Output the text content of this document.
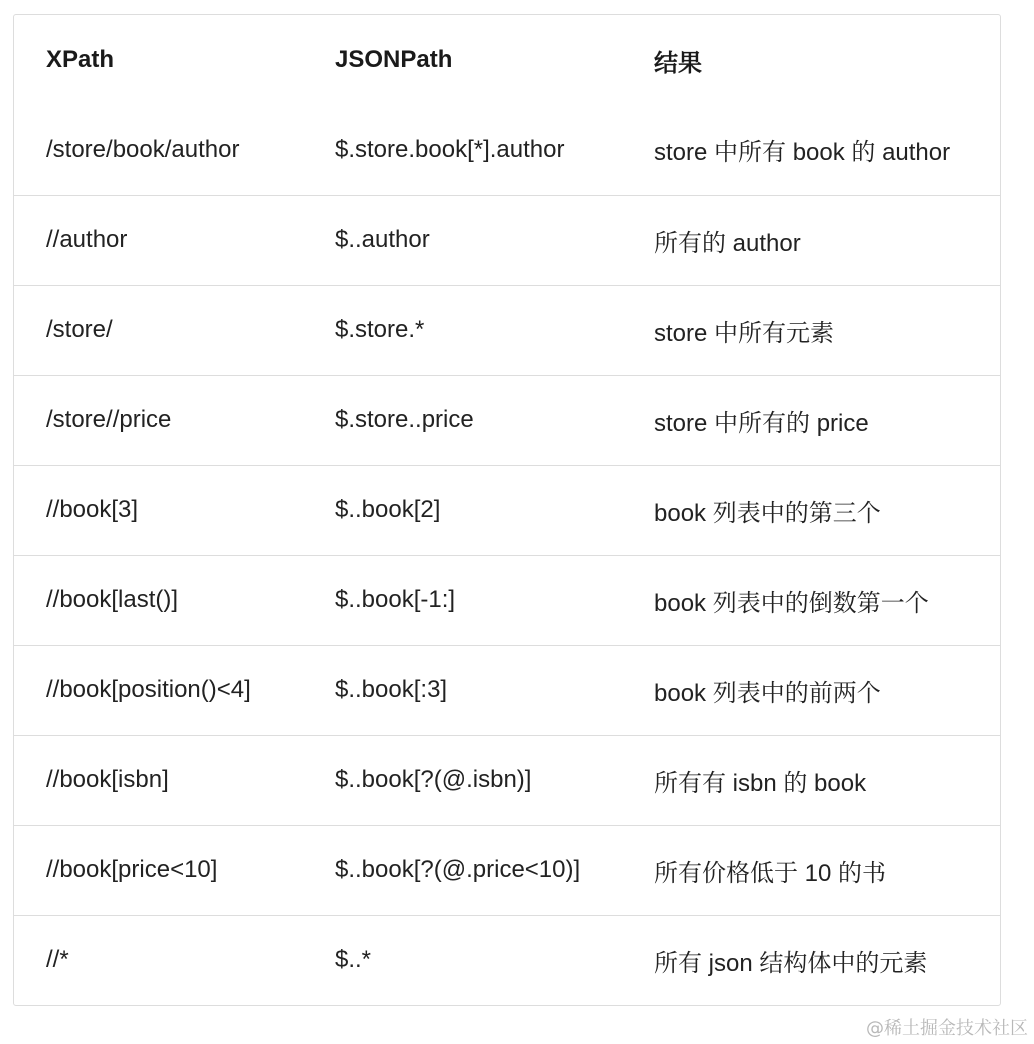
XPath	JSONPath	结果
/store/book/author	$.store.book[*].author	store 中所有 book 的 author
//author	$..author	所有的 author
/store/	$.store.*	store 中所有元素
/store//price	$.store..price	store 中所有的 price
//book[3]	$..book[2]	book 列表中的第三个
//book[last()]	$..book[-1:]	book 列表中的倒数第一个
//book[position()<4]	$..book[:3]	book 列表中的前两个
//book[isbn]	$..book[?(@.isbn)]	所有有 isbn 的 book
//book[price<10]	$..book[?(@.price<10)]	所有价格低于 10 的书
//*	$..*	所有 json 结构体中的元素
@稀土掘金技术社区
